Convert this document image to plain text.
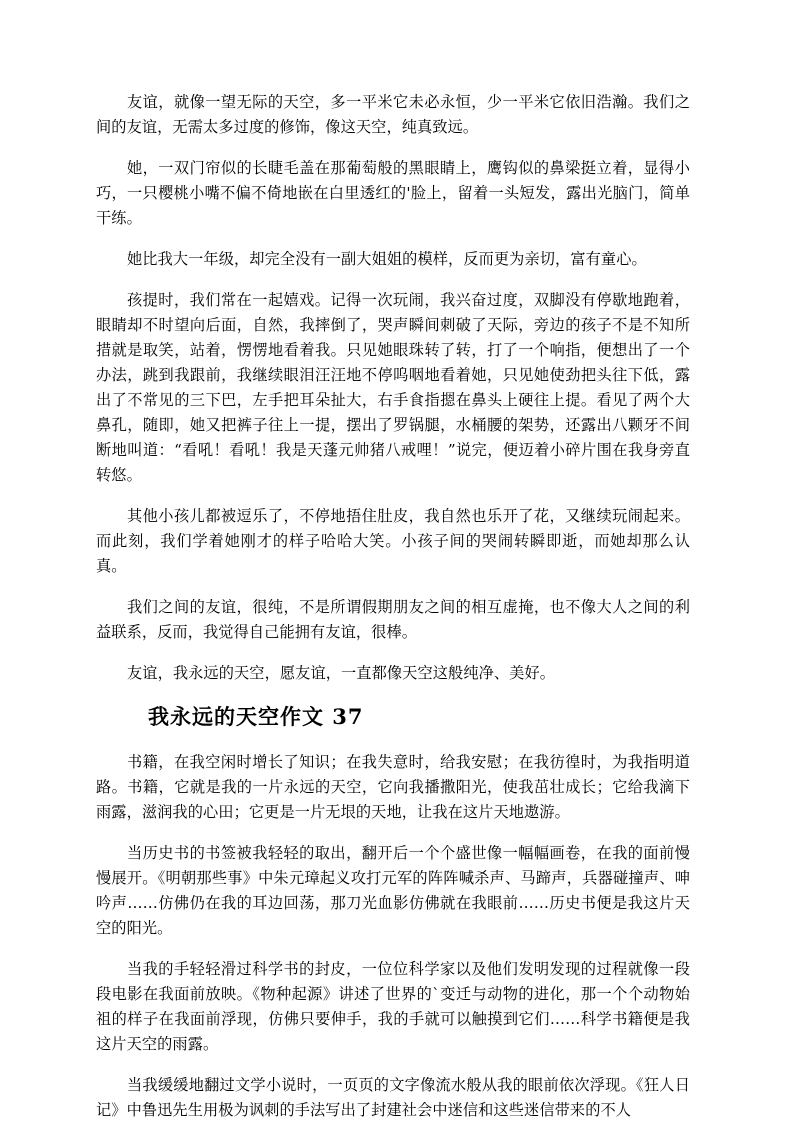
友谊，就像一望无际的天空，多一平米它未必永恒，少一平米它依旧浩瀚。我们之间的友谊，无需太多过度的修饰，像这天空，纯真致远。

她，一双门帘似的长睫毛盖在那葡萄般的黑眼睛上，鹰钩似的鼻梁挺立着，显得小巧，一只樱桃小嘴不偏不倚地嵌在白里透红的'脸上，留着一头短发，露出光脑门，简单干练。

她比我大一年级，却完全没有一副大姐姐的模样，反而更为亲切，富有童心。

孩提时，我们常在一起嬉戏。记得一次玩闹，我兴奋过度，双脚没有停歇地跑着，眼睛却不时望向后面，自然，我摔倒了，哭声瞬间刺破了天际，旁边的孩子不是不知所措就是取笑，站着，愣愣地看着我。只见她眼珠转了转，打了一个响指，便想出了一个办法，跳到我跟前，我继续眼泪汪汪地不停呜咽地看着她，只见她使劲把头往下低，露出了不常见的三下巴，左手把耳朵扯大，右手食指摁在鼻头上硬往上提。看见了两个大鼻孔，随即，她又把裤子往上一提，摆出了罗锅腿，水桶腰的架势，还露出八颗牙不间断地叫道：“看吼！看吼！我是天蓬元帅猪八戒哩！”说完，便迈着小碎片围在我身旁直转悠。

其他小孩儿都被逗乐了，不停地捂住肚皮，我自然也乐开了花，又继续玩闹起来。而此刻，我们学着她刚才的样子哈哈大笑。小孩子间的哭闹转瞬即逝，而她却那么认真。

我们之间的友谊，很纯，不是所谓假期朋友之间的相互虚掩，也不像大人之间的利益联系，反而，我觉得自己能拥有友谊，很棒。

友谊，我永远的天空，愿友谊，一直都像天空这般纯净、美好。

我永远的天空作文 37

书籍，在我空闲时增长了知识；在我失意时，给我安慰；在我彷徨时，为我指明道路。书籍，它就是我的一片永远的天空，它向我播撒阳光，使我茁壮成长；它给我滴下雨露，滋润我的心田；它更是一片无垠的天地，让我在这片天地遨游。

当历史书的书签被我轻轻的取出，翻开后一个个盛世像一幅幅画卷，在我的面前慢慢展开。《明朝那些事》中朱元璋起义攻打元军的阵阵喊杀声、马蹄声，兵器碰撞声、呻吟声……仿佛仍在我的耳边回荡，那刀光血影仿佛就在我眼前……历史书便是我这片天空的阳光。

当我的手轻轻滑过科学书的封皮，一位位科学家以及他们发明发现的过程就像一段段电影在我面前放映。《物种起源》讲述了世界的`变迁与动物的进化，那一个个动物始祖的样子在我面前浮现，仿佛只要伸手，我的手就可以触摸到它们……科学书籍便是我这片天空的雨露。

当我缓缓地翻过文学小说时，一页页的文字像流水般从我的眼前依次浮现。《狂人日记》中鲁迅先生用极为讽刺的手法写出了封建社会中迷信和这些迷信带来的不人
